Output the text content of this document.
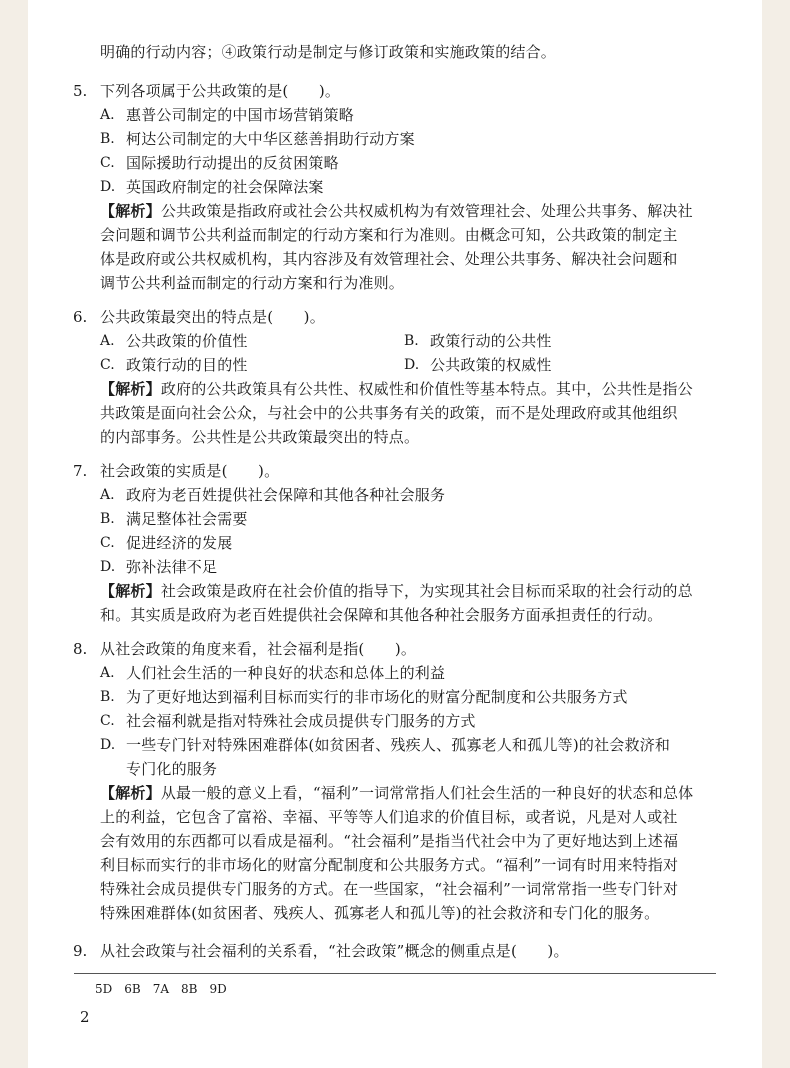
明确的行动内容；④政策行动是制定与修订政策和实施政策的结合。
5. 下列各项属于公共政策的是(　　)。
A. 惠普公司制定的中国市场营销策略
B. 柯达公司制定的大中华区慈善捐助行动方案
C. 国际援助行动提出的反贫困策略
D. 英国政府制定的社会保障法案
【解析】公共政策是指政府或社会公共权威机构为有效管理社会、处理公共事务、解决社
会问题和调节公共利益而制定的行动方案和行为准则。由概念可知，公共政策的制定主
体是政府或公共权威机构，其内容涉及有效管理社会、处理公共事务、解决社会问题和
调节公共利益而制定的行动方案和行为准则。
6. 公共政策最突出的特点是(　　)。
A. 公共政策的价值性	B. 政策行动的公共性
C. 政策行动的目的性	D. 公共政策的权威性
【解析】政府的公共政策具有公共性、权威性和价值性等基本特点。其中，公共性是指公
共政策是面向社会公众，与社会中的公共事务有关的政策，而不是处理政府或其他组织
的内部事务。公共性是公共政策最突出的特点。
7. 社会政策的实质是(　　)。
A. 政府为老百姓提供社会保障和其他各种社会服务
B. 满足整体社会需要
C. 促进经济的发展
D. 弥补法律不足
【解析】社会政策是政府在社会价值的指导下，为实现其社会目标而采取的社会行动的总
和。其实质是政府为老百姓提供社会保障和其他各种社会服务方面承担责任的行动。
8. 从社会政策的角度来看，社会福利是指(　　)。
A. 人们社会生活的一种良好的状态和总体上的利益
B. 为了更好地达到福利目标而实行的非市场化的财富分配制度和公共服务方式
C. 社会福利就是指对特殊社会成员提供专门服务的方式
D. 一些专门针对特殊困难群体(如贫困者、残疾人、孤寡老人和孤儿等)的社会救济和
专门化的服务
【解析】从最一般的意义上看，“福利”一词常常指人们社会生活的一种良好的状态和总体
上的利益，它包含了富裕、幸福、平等等人们追求的价值目标，或者说，凡是对人或社
会有效用的东西都可以看成是福利。“社会福利”是指当代社会中为了更好地达到上述福
利目标而实行的非市场化的财富分配制度和公共服务方式。“福利”一词有时用来特指对
特殊社会成员提供专门服务的方式。在一些国家，“社会福利”一词常常指一些专门针对
特殊困难群体(如贫困者、残疾人、孤寡老人和孤儿等)的社会救济和专门化的服务。
9. 从社会政策与社会福利的关系看，“社会政策”概念的侧重点是(　　)。
5D　6B　7A　8B　9D
2
